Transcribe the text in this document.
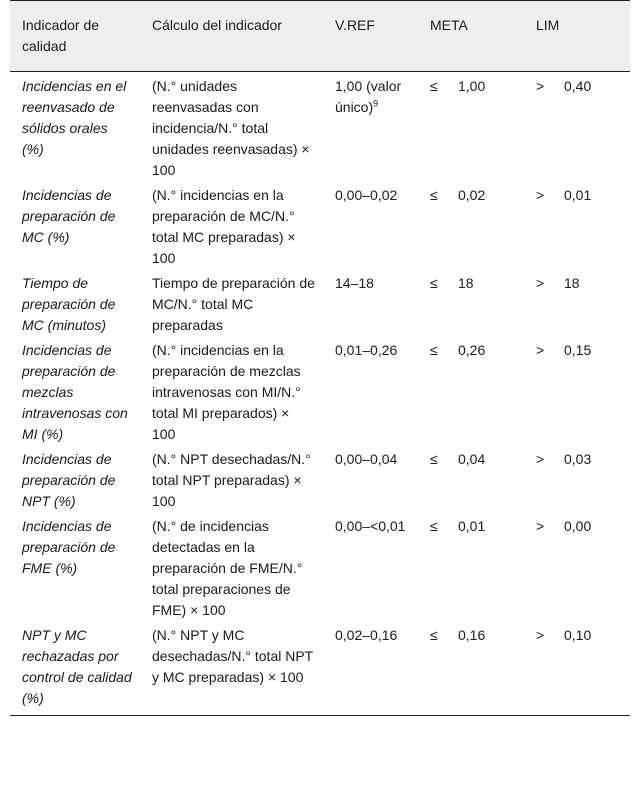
Indicador de calidad	Cálculo del indicador	V.REF	META	LIM
Incidencias en el reenvasado de sólidos orales (%)	(N.° unidades reenvasadas con incidencia/N.° total unidades reenvasadas) × 100	1,00 (valor único)$^9$	≤ 1,00	> 0,40
Incidencias de preparación de MC (%)	(N.° incidencias en la preparación de MC/N.° total MC preparadas) × 100	0,00–0,02	≤ 0,02	> 0,01
Tiempo de preparación de MC (minutos)	Tiempo de preparación de MC/N.° total MC preparadas	14–18	≤ 18	> 18
Incidencias de preparación de mezclas intravenosas con MI (%)	(N.° incidencias en la preparación de mezclas intravenosas con MI/N.° total MI preparados) × 100	0,01–0,26	≤ 0,26	> 0,15
Incidencias de preparación de NPT (%)	(N.° NPT desechadas/N.° total NPT preparadas) × 100	0,00–0,04	≤ 0,04	> 0,03
Incidencias de preparación de FME (%)	(N.° de incidencias detectadas en la preparación de FME/N.° total preparaciones de FME) × 100	0,00–<0,01	≤ 0,01	> 0,00
NPT y MC rechazadas por control de calidad (%)	(N.° NPT y MC desechadas/N.° total NPT y MC preparadas) × 100	0,02–0,16	≤ 0,16	> 0,10
